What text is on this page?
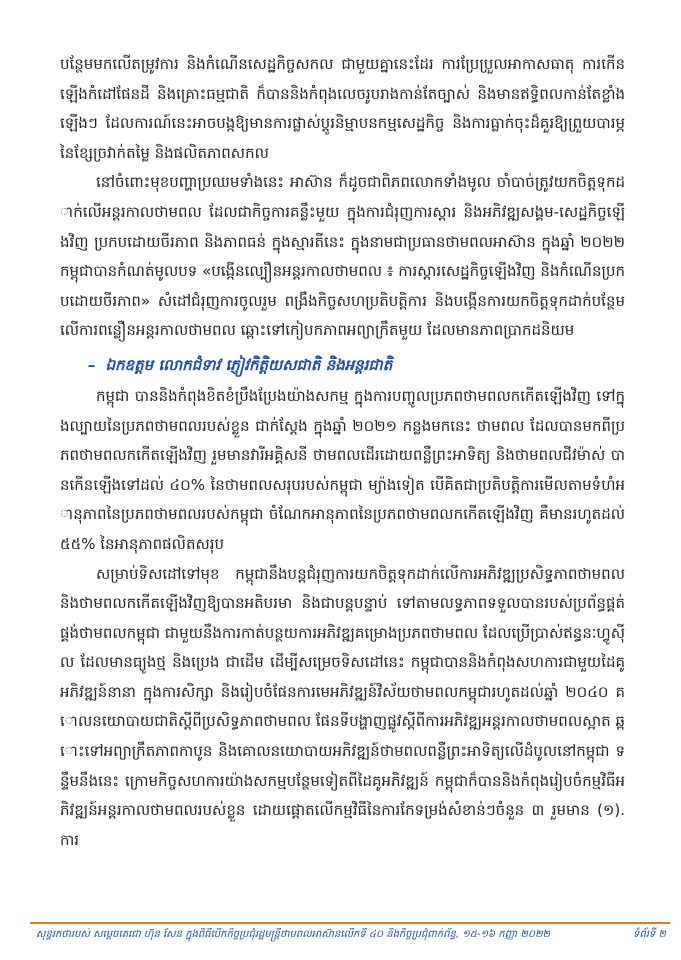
បន្ថែមមកលើតម្រូវការ និងកំណើនសេដ្ឋកិច្ចសកល ជាមួយគ្នានេះដែរ ការប្រែប្រួលអាកាសធាតុ ការកើនឡើងកំដៅផែនដី និងគ្រោះធម្មជាតិ ក៏បាននិងកំពុងលេចរូបរាងកាន់តែច្បាស់ និងមានឥទ្ធិពលកាន់តែខ្លាំងឡើងៗ ដែលការណ៍នេះអាចបង្កឱ្យមានការផ្លាស់ប្តូរនិម្មាបនកម្មសេដ្ឋកិច្ច និងការធ្លាក់ចុះដ៏គួរឱ្យព្រួយបារម្ភនៃខ្សែច្រវាក់តម្លៃ និងផលិតភាពសកល

នៅចំពោះមុខបញ្ហាប្រឈមទាំងនេះ អាស៊ាន ក៏ដូចជាពិភពលោកទាំងមូល ចាំបាច់ត្រូវយកចិត្តទុកដាក់លើអន្តរកាលថាមពល ដែលជាកិច្ចការគន្លឹះមួយ ក្នុងការជំរុញការស្តារ និងអភិវឌ្ឍសង្គម-សេដ្ឋកិច្ចឡើងវិញ ប្រកបដោយចីរភាព និងភាពធន់ ក្នុងស្មារតីនេះ ក្នុងនាមជាប្រធានថាមពលអាស៊ាន ក្នុងឆ្នាំ ២០២២ កម្ពុជាបានកំណត់មូលបទ «បង្កើនល្បឿនអន្តរកាលថាមពល ៖ ការស្តារសេដ្ឋកិច្ចឡើងវិញ និងកំណើនប្រកបដោយចីរភាព» សំដៅជំរុញការចូលរួម ពង្រឹងកិច្ចសហប្រតិបត្តិការ និងបង្កើនការយកចិត្តទុកដាក់បន្ថែម លើការពន្លឿនអន្តរកាលថាមពល ឆ្ពោះទៅកៀបកភាពអព្យាក្រឹតមួយ ដែលមានភាពប្រាកដនិយម

– ឯកឧត្តម លោកជំទាវ ភ្ញៀវកិត្តិយសជាតិ និងអន្តរជាតិ

កម្ពុជា បាននិងកំពុងខិតខំប្រឹងប្រែងយ៉ាងសកម្ម ក្នុងការបញ្ចូលប្រភពថាមពលកកើតឡើងវិញ ទៅក្នុងល្បាយនៃប្រភពថាមពលរបស់ខ្លួន ជាក់ស្តែង ក្នុងឆ្នាំ ២០២១ កន្លងមកនេះ ថាមពល ដែលបានមកពីប្រភពថាមពលកកើតឡើងវិញ រួមមានវារីអគ្គិសនី ថាមពលដើរដោយពន្លឺព្រះអាទិត្យ និងថាមពលជីវម៉ាស់ បានកើនឡើងទៅដល់ ៤០% នៃថាមពលសរុបរបស់កម្ពុជា ម្យ៉ាងទៀត បើគិតជាប្រតិបត្តិការមើលតាមទំហំអានុភាពនៃប្រភពថាមពលរបស់កម្ពុជា ចំណែកអានុភាពនៃប្រភពថាមពលកកើតឡើងវិញ គឺមានរហូតដល់ ៥៥% នៃអានុភាពផលិតសរុប

សម្រាប់ទិសដៅទៅមុខ កម្ពុជានឹងបន្តជំរុញការយកចិត្តទុកដាក់លើការអភិវឌ្ឍប្រសិទ្ធភាពថាមពល និងថាមពលកកើតឡើងវិញឱ្យបានអតិបរមា និងជាបន្តបន្ទាប់ ទៅតាមលទ្ធភាពទទួលបានរបស់ប្រព័ន្ធផ្គត់ផ្គង់ថាមពលកម្ពុជា ជាមួយនឹងការកាត់បន្ថយការអភិវឌ្ឍគម្រោងប្រភពថាមពល ដែលប្រើប្រាស់ឥន្ធនៈហ្វូស៊ីល ដែលមានធ្យូងថ្ម និងប្រេង ជាដើម ដើម្បីសម្រេចទិសដៅនេះ កម្ពុជាបាននិងកំពុងសហការជាមួយដៃគូអភិវឌ្ឍន៍នានា ក្នុងការសិក្សា និងរៀបចំផែនការមេអភិវឌ្ឍន៍វិស័យថាមពលកម្ពុជារហូតដល់ឆ្នាំ ២០៤០ គោលនយោបាយជាតិស្តីពីប្រសិទ្ធភាពថាមពល ផែនទីបង្ហាញផ្លូវស្តីពីការអភិវឌ្ឍអន្តរកាលថាមពលស្អាត ឆ្ពោះទៅអព្យាក្រឹតភាពកាបូន និងគោលនយោបាយអភិវឌ្ឍន៍ថាមពលពន្លឺព្រះអាទិត្យលើដំបូលនៅកម្ពុជា ទន្ទឹមនឹងនេះ ក្រោមកិច្ចសហការយ៉ាងសកម្មបន្ថែមទៀតពីដៃគូអភិវឌ្ឍន៍ កម្ពុជាក៏បាននិងកំពុងរៀបចំកម្មវិធីអភិវឌ្ឍន៍អន្តរកាលថាមពលរបស់ខ្លួន ដោយផ្តោតលើកម្មវិធីនៃការកែទម្រង់សំខាន់ៗចំនួន ៣ រួមមាន (១). ការ

សុន្ទរកថារបស់ សម្តេចតេជោ ហ៊ុន សែន ក្នុងពិធីបើកកិច្ចប្រជុំរដ្ឋមន្ត្រីថាមពលអាស៊ានលើកទី ៤០ និងកិច្ចប្រជុំពាក់ព័ន្ធ, ១៥-១៦ កញ្ញា ២០២២	ទំព័រទី ២
